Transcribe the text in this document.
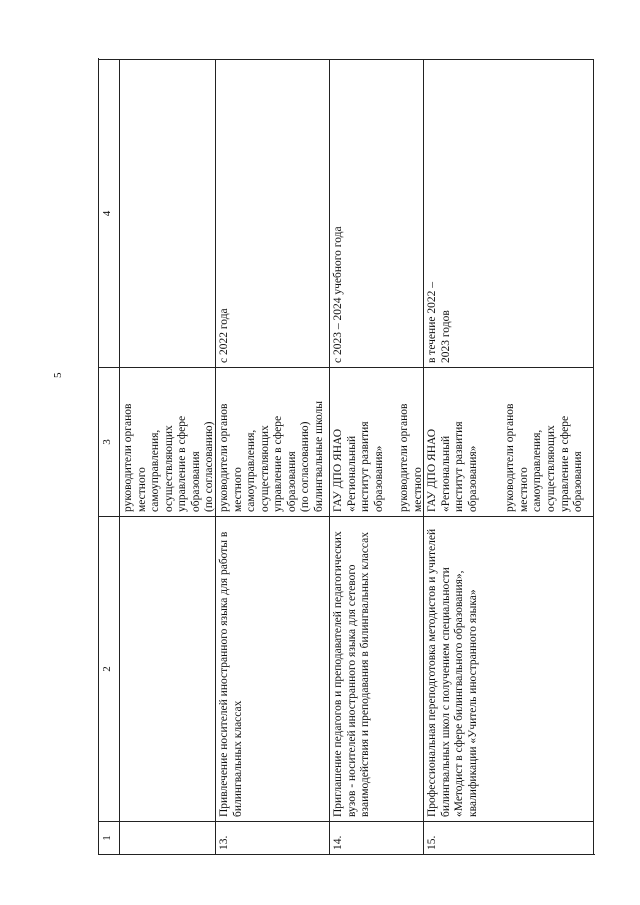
5
1
2
3
4
руководители органов местного
самоуправления, осуществляющих
управление в сфере образования
(по согласованию)
13.
Привлечение носителей иностранного языка для работы в билингвальных классах
руководители органов местного
самоуправления, осуществляющих
управление в сфере образования
(по согласованию) билингвальные школы
с 2022 года
14.
Приглашение педагогов и преподавателей педагогических вузов - носителей иностранного языка для сетевого взаимодействия и преподавания в билингвальных классах
ГАУ ДПО ЯНАО «Региональный
институт развития образования» руководители органов местного

с 2023 – 2024 учебного года
15.
Профессиональная переподготовка методистов и учителей билингвальных школ с получением специальности «Методист в сфере билингвального образования», квалификации «Учитель иностранного языка»
ГАУ ДПО ЯНАО «Региональный
институт развития образования» руководители органов местного
самоуправления, осуществляющих
управление в сфере образования
в течение 2022 –
2023 годов
